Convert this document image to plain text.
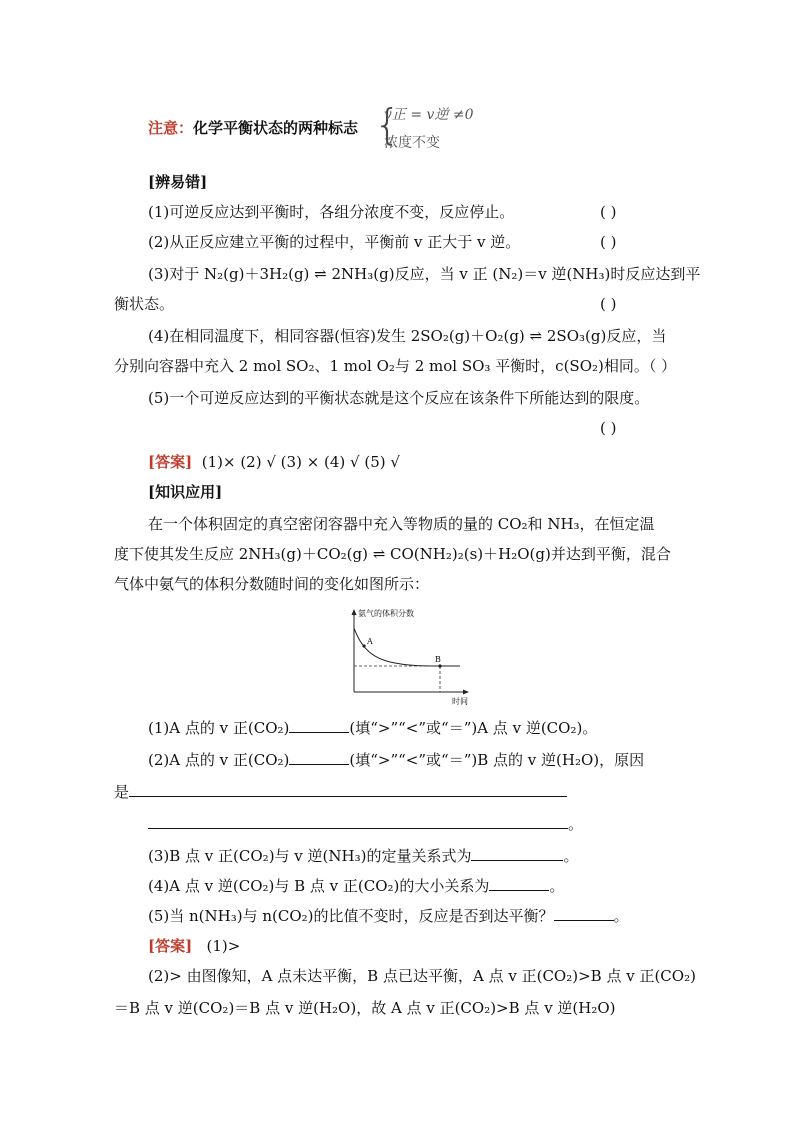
注意：化学平衡状态的两种标志 {
v正 = v逆 ≠0
浓度不变
[辨易错]
(1)可逆反应达到平衡时，各组分浓度不变，反应停止。	( )
(2)从正反应建立平衡的过程中，平衡前 v 正大于 v 逆。	( )
(3)对于 N₂(g)＋3H₂(g) ⇌ 2NH₃(g)反应，当 v 正 (N₂)＝v 逆(NH₃)时反应达到平
衡状态。	( )
(4)在相同温度下，相同容器(恒容)发生 2SO₂(g)＋O₂(g) ⇌ 2SO₃(g)反应，当
分别向容器中充入 2 mol SO₂、1 mol O₂与 2 mol SO₃ 平衡时，c(SO₂)相同。（ ）
(5)一个可逆反应达到的平衡状态就是这个反应在该条件下所能达到的限度。
( )
[答案] (1)× (2) √ (3) × (4) √ (5) √
[知识应用]
在一个体积固定的真空密闭容器中充入等物质的量的 CO₂和 NH₃，在恒定温
度下使其发生反应 2NH₃(g)＋CO₂(g) ⇌ CO(NH₂)₂(s)＋H₂O(g)并达到平衡，混合
气体中氨气的体积分数随时间的变化如图所示：
氨气的体积分数
时间
A
B
(1)A 点的 v 正(CO₂)	(填“>”“<”或“＝”)A 点 v 逆(CO₂)。
(2)A 点的 v 正(CO₂)	(填“>”“<”或“＝”)B 点的 v 逆(H₂O)，原因
是
。
(3)B 点 v 正(CO₂)与 v 逆(NH₃)的定量关系式为	。
(4)A 点 v 逆(CO₂)与 B 点 v 正(CO₂)的大小关系为	。
(5)当 n(NH₃)与 n(CO₂)的比值不变时，反应是否到达平衡？	。
[答案] (1)>
(2)> 由图像知，A 点未达平衡，B 点已达平衡，A 点 v 正(CO₂)>B 点 v 正(CO₂)
＝B 点 v 逆(CO₂)＝B 点 v 逆(H₂O)，故 A 点 v 正(CO₂)>B 点 v 逆(H₂O)
